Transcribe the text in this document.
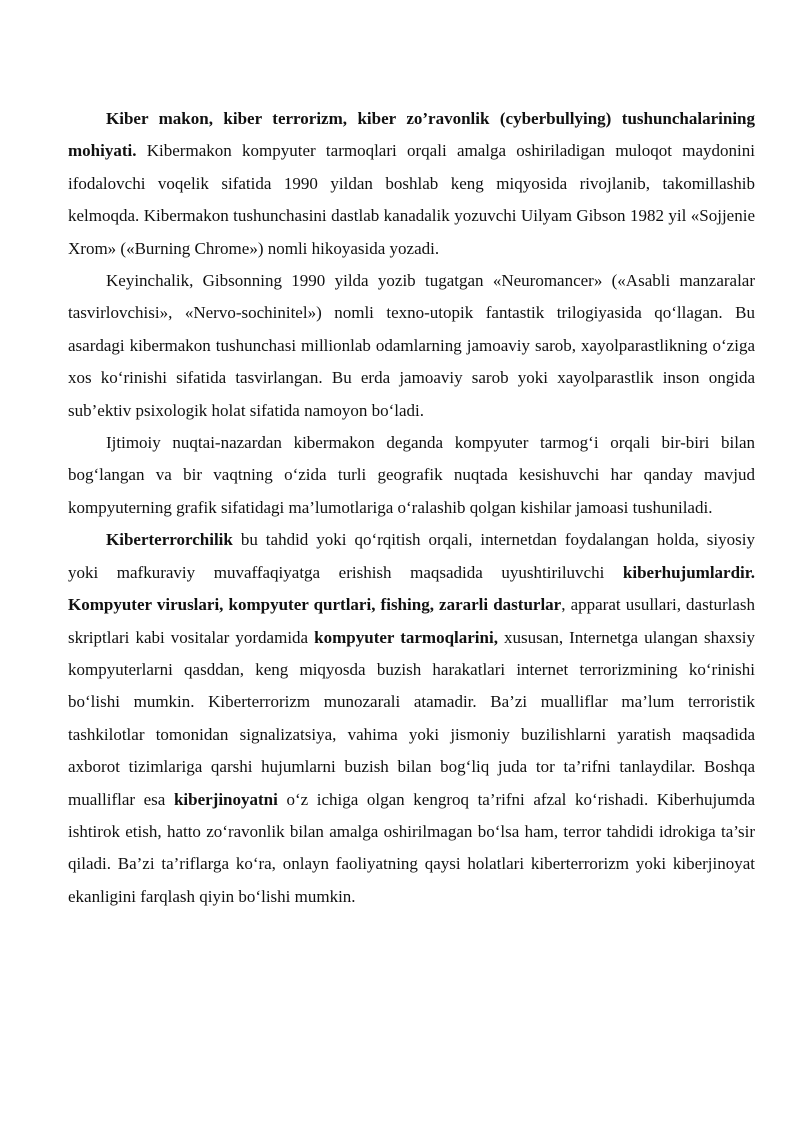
Kiber makon, kiber terrorizm, kiber zo’ravonlik (cyberbullying) tushunchalarining mohiyati. Kibermakon kompyuter tarmoqlari orqali amalga oshiriladigan muloqot maydonini ifodalovchi voqelik sifatida 1990 yildan boshlab keng miqyosida rivojlanib, takomillashib kelmoqda. Kibermakon tushunchasini dastlab kanadalik yozuvchi Uilyam Gibson 1982 yil «Sojjenie Xrom» («Burning Chrome») nomli hikoyasida yozadi.

Keyinchalik, Gibsonning 1990 yilda yozib tugatgan «Neuromancer» («Asabli manzaralar tasvirlovchisi», «Nervo-sochinitel») nomli texno-utopik fantastik trilogiyasida qo‘llagan. Bu asardagi kibermakon tushunchasi millionlab odamlarning jamoaviy sarob, xayolparastlikning o‘ziga xos ko‘rinishi sifatida tasvirlangan. Bu erda jamoaviy sarob yoki xayolparastlik inson ongida sub’ektiv psixologik holat sifatida namoyon bo‘ladi.

Ijtimoiy nuqtai-nazardan kibermakon deganda kompyuter tarmog‘i orqali bir-biri bilan bog‘langan va bir vaqtning o‘zida turli geografik nuqtada kesishuvchi har qanday mavjud kompyuterning grafik sifatidagi ma’lumotlariga o‘ralashib qolgan kishilar jamoasi tushuniladi.

Kiberterrorchilik bu tahdid yoki qo‘rqitish orqali, internetdan foydalangan holda, siyosiy yoki mafkuraviy muvaffaqiyatga erishish maqsadida uyushtiriluvchi kiberhujumlardir. Kompyuter viruslari, kompyuter qurtlari, fishing, zararli dasturlar, apparat usullari, dasturlash skriptlari kabi vositalar yordamida kompyuter tarmoqlarini, xususan, Internetga ulangan shaxsiy kompyuterlarni qasddan, keng miqyosda buzish harakatlari internet terrorizmining ko‘rinishi bo‘lishi mumkin. Kiberterrorizm munozarali atamadir. Ba’zi mualliflar ma’lum terroristik tashkilotlar tomonidan signalizatsiya, vahima yoki jismoniy buzilishlarni yaratish maqsadida axborot tizimlariga qarshi hujumlarni buzish bilan bog‘liq juda tor ta’rifni tanlaydilar. Boshqa mualliflar esa kiberjinoyatni o‘z ichiga olgan kengroq ta’rifni afzal ko‘rishadi. Kiberhujumda ishtirok etish, hatto zo‘ravonlik bilan amalga oshirilmagan bo‘lsa ham, terror tahdidi idrokiga ta’sir qiladi. Ba’zi ta’riflarga ko‘ra, onlayn faoliyatning qaysi holatlari kiberterrorizm yoki kiberjinoyat ekanligini farqlash qiyin bo‘lishi mumkin.
